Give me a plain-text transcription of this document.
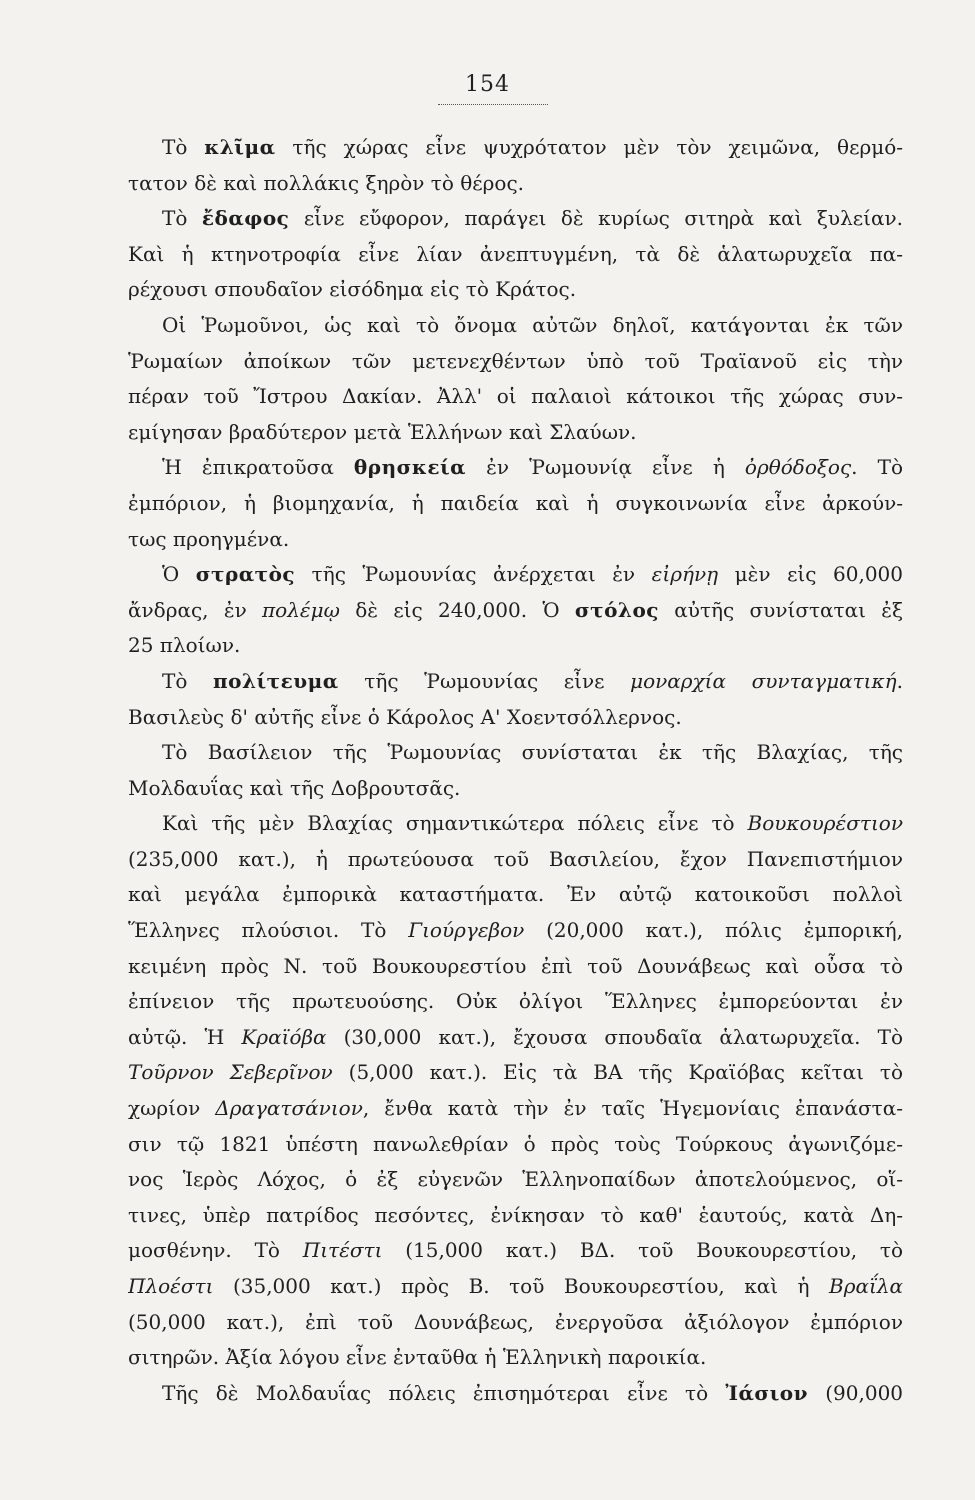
154
Τὸ κλῖμα τῆς χώρας εἶνε ψυχρότατον μὲν τὸν χειμῶνα, θερμό-
τατον δὲ καὶ πολλάκις ξηρὸν τὸ θέρος.
Τὸ ἔδαφος εἶνε εὔφορον, παράγει δὲ κυρίως σιτηρὰ καὶ ξυλείαν.
Καὶ ἡ κτηνοτροφία εἶνε λίαν ἀνεπτυγμένη, τὰ δὲ ἁλατωρυχεῖα πα-
ρέχουσι σπουδαῖον εἰσόδημα εἰς τὸ Κράτος.
Οἱ Ῥωμοῦνοι, ὡς καὶ τὸ ὄνομα αὐτῶν δηλοῖ, κατάγονται ἐκ τῶν
Ῥωμαίων ἀποίκων τῶν μετενεχθέντων ὑπὸ τοῦ Τραϊανοῦ εἰς τὴν
πέραν τοῦ Ἴστρου Δακίαν. Ἀλλ' οἱ παλαιοὶ κάτοικοι τῆς χώρας συν-
εμίγησαν βραδύτερον μετὰ Ἑλλήνων καὶ Σλαύων.
Ἡ ἐπικρατοῦσα θρησκεία ἐν Ῥωμουνίᾳ εἶνε ἡ ὀρθόδοξος. Τὸ
ἐμπόριον, ἡ βιομηχανία, ἡ παιδεία καὶ ἡ συγκοινωνία εἶνε ἀρκούν-
τως προηγμένα.
Ὁ στρατὸς τῆς Ῥωμουνίας ἀνέρχεται ἐν εἰρήνῃ μὲν εἰς 60,000
ἄνδρας, ἐν πολέμῳ δὲ εἰς 240,000. Ὁ στόλος αὐτῆς συνίσταται ἐξ
25 πλοίων.
Τὸ πολίτευμα τῆς Ῥωμουνίας εἶνε μοναρχία συνταγματική.
Βασιλεὺς δ' αὐτῆς εἶνε ὁ Κάρολος Α' Χοεντσόλλερνος.
Τὸ Βασίλειον τῆς Ῥωμουνίας συνίσταται ἐκ τῆς Βλαχίας, τῆς
Μολδαυΐας καὶ τῆς Δοβρουτσᾶς.
Καὶ τῆς μὲν Βλαχίας σημαντικώτερα πόλεις εἶνε τὸ Βουκουρέστιον
(235,000 κατ.), ἡ πρωτεύουσα τοῦ Βασιλείου, ἔχον Πανεπιστήμιον
καὶ μεγάλα ἐμπορικὰ καταστήματα. Ἐν αὐτῷ κατοικοῦσι πολλοὶ
Ἕλληνες πλούσιοι. Τὸ Γιούργεβον (20,000 κατ.), πόλις ἐμπορική,
κειμένη πρὸς Ν. τοῦ Βουκουρεστίου ἐπὶ τοῦ Δουνάβεως καὶ οὖσα τὸ
ἐπίνειον τῆς πρωτευούσης. Οὐκ ὀλίγοι Ἕλληνες ἐμπορεύονται ἐν
αὐτῷ. Ἡ Κραϊόβα (30,000 κατ.), ἔχουσα σπουδαῖα ἁλατωρυχεῖα. Τὸ
Τοῦρνον Σεβερῖνον (5,000 κατ.). Εἰς τὰ ΒΑ τῆς Κραϊόβας κεῖται τὸ
χωρίον Δραγατσάνιον, ἔνθα κατὰ τὴν ἐν ταῖς Ἡγεμονίαις ἐπανάστα-
σιν τῷ 1821 ὑπέστη πανωλεθρίαν ὁ πρὸς τοὺς Τούρκους ἀγωνιζόμε-
νος Ἱερὸς Λόχος, ὁ ἐξ εὐγενῶν Ἑλληνοπαίδων ἀποτελούμενος, οἵ-
τινες, ὑπὲρ πατρίδος πεσόντες, ἐνίκησαν τὸ καθ' ἑαυτούς, κατὰ Δη-
μοσθένην. Τὸ Πιτέστι (15,000 κατ.) ΒΔ. τοῦ Βουκουρεστίου, τὸ
Πλοέστι (35,000 κατ.) πρὸς Β. τοῦ Βουκουρεστίου, καὶ ἡ Βραΐλα
(50,000 κατ.), ἐπὶ τοῦ Δουνάβεως, ἐνεργοῦσα ἀξιόλογον ἐμπόριον
σιτηρῶν. Ἀξία λόγου εἶνε ἐνταῦθα ἡ Ἑλληνικὴ παροικία.
Τῆς δὲ Μολδαυΐας πόλεις ἐπισημότεραι εἶνε τὸ Ἰάσιον (90,000
